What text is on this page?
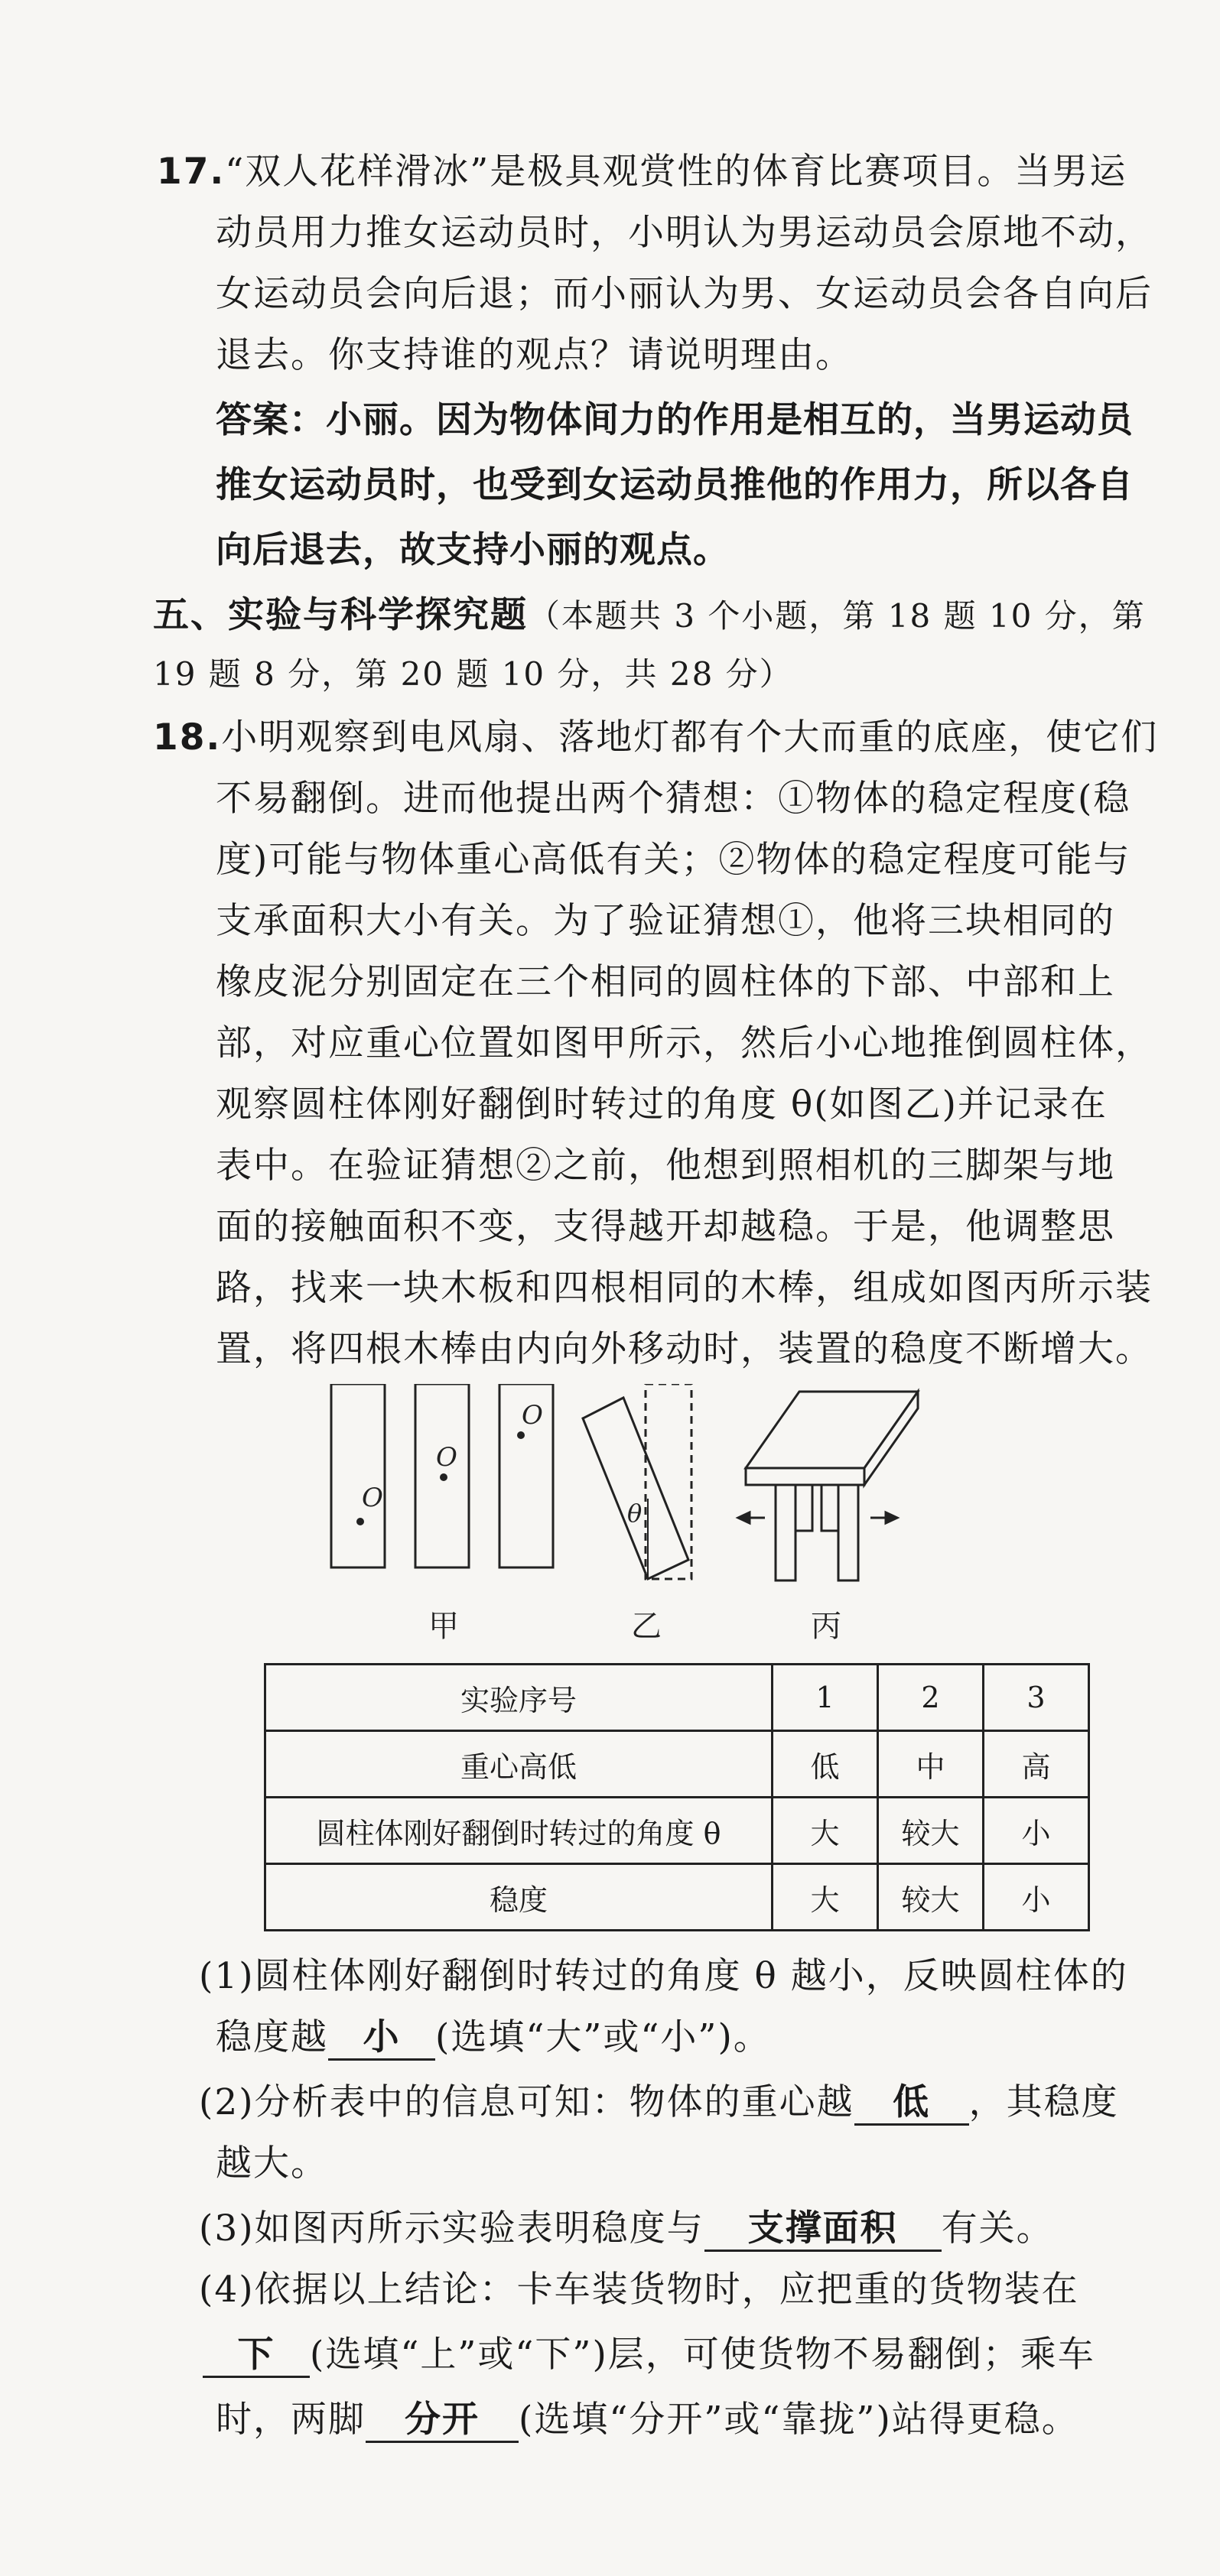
17.“双人花样滑冰”是极具观赏性的体育比赛项目。当男运
动员用力推女运动员时，小明认为男运动员会原地不动，
女运动员会向后退；而小丽认为男、女运动员会各自向后
退去。你支持谁的观点？请说明理由。
答案：小丽。因为物体间力的作用是相互的，当男运动员
推女运动员时，也受到女运动员推他的作用力，所以各自
向后退去，故支持小丽的观点。
五、实验与科学探究题（本题共 3 个小题，第 18 题 10 分，第
19 题 8 分，第 20 题 10 分，共 28 分）
18.小明观察到电风扇、落地灯都有个大而重的底座，使它们
不易翻倒。进而他提出两个猜想：①物体的稳定程度(稳
度)可能与物体重心高低有关；②物体的稳定程度可能与
支承面积大小有关。为了验证猜想①，他将三块相同的
橡皮泥分别固定在三个相同的圆柱体的下部、中部和上
部，对应重心位置如图甲所示，然后小心地推倒圆柱体，
观察圆柱体刚好翻倒时转过的角度 θ(如图乙)并记录在
表中。在验证猜想②之前，他想到照相机的三脚架与地
面的接触面积不变，支得越开却越稳。于是，他调整思
路，找来一块木板和四根相同的木棒，组成如图丙所示装
置，将四根木棒由内向外移动时，装置的稳度不断增大。
O
O
O
θ
甲	乙	丙
实验序号	1	2	3
重心高低	低	中	高
圆柱体刚好翻倒时转过的角度 θ	大	较大	小
稳度	大	较大	小
(1)圆柱体刚好翻倒时转过的角度 θ 越小，反映圆柱体的
稳度越 小 (选填“大”或“小”)。
(2)分析表中的信息可知：物体的重心越 低 ，其稳度
越大。
(3)如图丙所示实验表明稳度与 支撑面积 有关。
(4)依据以上结论：卡车装货物时，应把重的货物装在
下 (选填“上”或“下”)层，可使货物不易翻倒；乘车
时，两脚 分开 (选填“分开”或“靠拢”)站得更稳。
